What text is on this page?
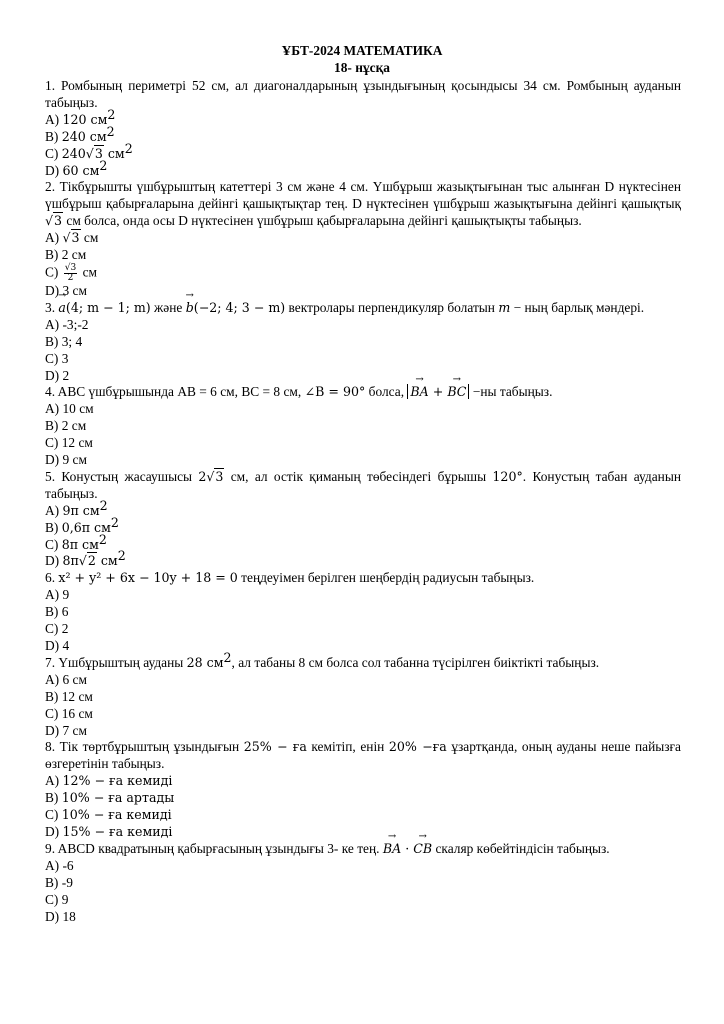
ҰБТ-2024 МАТЕМАТИКА
18- нұсқа
1. Ромбының периметрі 52 см, ал диагоналдарының ұзындығының қосындысы 34 см. Ромбының ауданын табыңыз.
A) 120 $см^2$
B) 240 $см^2$
C) 240√3 $см^2$
D) 60 $см^2$
2. Тікбұрышты үшбұрыштың катеттері 3 см және 4 см. Үшбұрыш жазықтығынан тыс алынған D нүктесінен үшбұрыш қабырғаларына дейінгі қашықтықтар тең. D нүктесінен үшбұрыш жазықтығына дейінгі қашықтық √3 см болса, онда осы D нүктесінен үшбұрыш қабырғаларына дейінгі қашықтықты табыңыз.
A) √3 см
B) 2 см
$C) \frac{√3}{2}$ см
D) 3 см
3. → a(4; m − 1; m) және → b(−2; 4; 3 − m) вектролары перпендикуляр болатын m − ның барлық мәндері.
A) -3;-2
B) 3; 4
C) 3
D) 2
4. ABC үшбұрышында AB = 6 см, BC = 8 см, ∠B = 90° болса, → BA + → BC −ны табыңыз.
A) 10 см
B) 2 см
C) 12 см
D) 9 см
5. Конустың жасаушысы 2√3 см, ал остік қиманың төбесіндегі бұрышы 120°. Конустың табан ауданын табыңыз.
A) 9π $см^2$
B) 0,6π $см^2$
C) 8π $см^2$
D) 8π√2 $см^2$
6. x² + y² + 6x − 10y + 18 = 0 теңдеуімен берілген шеңбердің радиусын табыңыз.
A) 9
B) 6
C) 2
D) 4
7. Үшбұрыштың ауданы 28 $см^2$, ал табаны 8 см болса сол табанна түсірілген биіктікті табыңыз.
A) 6 см
B) 12 см
C) 16 см
D) 7 см
8. Тік төртбұрыштың ұзындығын 25% − ға кемітіп, енін 20% −ға ұзартқанда, оның ауданы неше пайызға өзгеретінін табыңыз.
A) 12% − ға кемиді
B) 10% − ға артады
C) 10% − ға кемиді
D) 15% − ға кемиді
9. ABCD квадратының қабырғасының ұзындығы 3- ке тең. → BA · → CB скаляр көбейтіндісін табыңыз.
A) -6
B) -9
C) 9
D) 18
